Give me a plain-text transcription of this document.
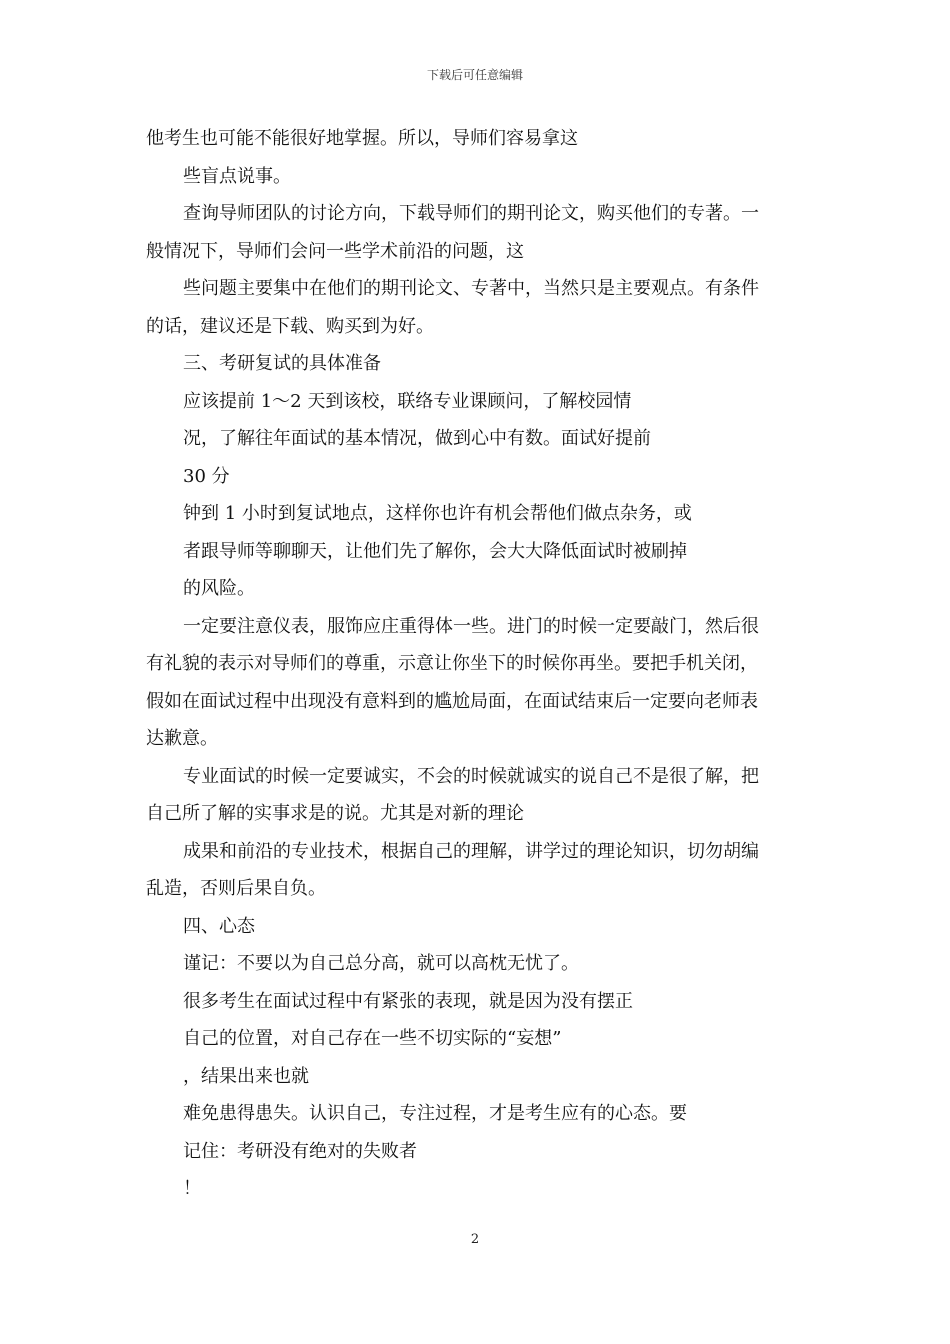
下载后可任意编辑
他考生也可能不能很好地掌握。所以，导师们容易拿这
些盲点说事。
查询导师团队的讨论方向，下载导师们的期刊论文，购买他们的专著。一
般情况下，导师们会问一些学术前沿的问题，这
些问题主要集中在他们的期刊论文、专著中，当然只是主要观点。有条件
的话，建议还是下载、购买到为好。
三、考研复试的具体准备
应该提前 1～2 天到该校，联络专业课顾问，了解校园情
况，了解往年面试的基本情况，做到心中有数。面试好提前
30 分
钟到 1 小时到复试地点，这样你也许有机会帮他们做点杂务，或
者跟导师等聊聊天，让他们先了解你，会大大降低面试时被刷掉
的风险。
一定要注意仪表，服饰应庄重得体一些。进门的时候一定要敲门，然后很
有礼貌的表示对导师们的尊重，示意让你坐下的时候你再坐。要把手机关闭，
假如在面试过程中出现没有意料到的尴尬局面，在面试结束后一定要向老师表
达歉意。
专业面试的时候一定要诚实，不会的时候就诚实的说自己不是很了解，把
自己所了解的实事求是的说。尤其是对新的理论
成果和前沿的专业技术，根据自己的理解，讲学过的理论知识，切勿胡编
乱造，否则后果自负。
四、心态
谨记：不要以为自己总分高，就可以高枕无忧了。
很多考生在面试过程中有紧张的表现，就是因为没有摆正
自己的位置，对自己存在一些不切实际的“妄想”
，结果出来也就
难免患得患失。认识自己，专注过程，才是考生应有的心态。要
记住：考研没有绝对的失败者
！
2
